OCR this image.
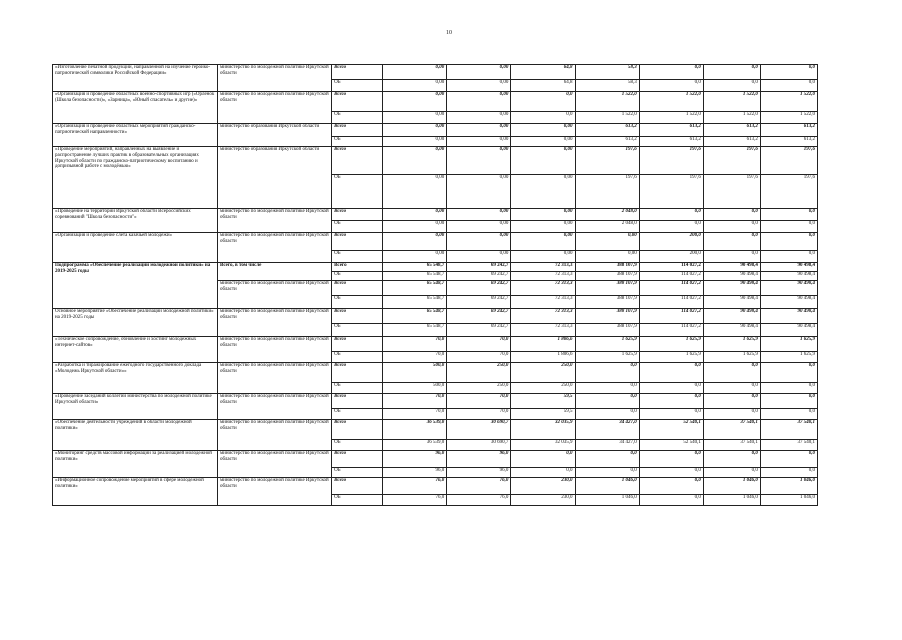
10
«Изготовление печатной продукции, направленной на изучение героико-патриотической символики Российской Федерации»	министерство по молодежной политике Иркутской области	Всего	0,00	0,00	64,8	58,3	0,0	0,0	0,0
		ОБ	0,00	0,00	64,8	58,3	0,0	0,0	0,0
«Организация и проведение областных военно-спортивных игр («Орленок (Школа безопасности)», «Зарница», «Юный спасатель» и другие)»	министерство по молодежной политике Иркутской области	Всего	0,00	0,00	0,0	1 522,0	1 522,0	1 522,0	1 522,0
		ОБ	0,00	0,00	0,0	1 522,0	1 522,0	1 522,0	1 522,0
«Организация и проведение областных мероприятий гражданско-патриотической направленности»	министерство образования Иркутской области	Всего	0,00	0,00	0,00	613,2	613,2	613,2	613,2
		ОБ	0,00	0,00	0,00	613,2	613,2	613,2	613,2
«Проведение мероприятий, направленных на выявление и распространение лучших практик в образовательных организациях Иркутской области по гражданско-патриотическому воспитанию и допризывной работе с молодёжью»	министерство образования Иркутской области	Всего	0,00	0,00	0,00	197,6	197,6	197,6	197,6
		ОБ	0,00	0,00	0,00	197,6	197,6	197,6	197,6
«Проведение на территории Иркутской области Всероссийских соревнований "Школа безопасности"»	министерство по молодежной политике Иркутской области	Всего	0,00	0,00	0,00	2 048,0	0,0	0,0	0,0
		ОБ	0,00	0,00	0,00	2 048,0	0,0	0,0	0,0
«Организация и проведение слета казачьей молодежи»	министерство по молодежной политике Иркутской области	Всего	0,00	0,00	0,00	0,00	200,0	0,0	0,0
		ОБ	0,00	0,00	0,00	0,00	200,0	0,0	0,0
Подпрограмма «Обеспечение реализации молодежной политики» на 2019-2025 годы	Всего, в том числе	Всего	65 548,7	69 242,7	72 313,3	388 107,9	114 027,2	90 498,4	90 498,4
		ОБ	65 548,7	69 242,7	72 313,3	388 107,9	114 027,2	90 498,4	90 498,4
	министерство по молодежной политике Иркутской области	Всего	65 548,7	69 242,7	72 313,3	388 107,9	114 027,2	90 498,4	90 498,4
		ОБ	65 548,7	69 242,7	72 313,3	388 107,9	114 027,2	90 498,4	90 498,4
Основное мероприятие «Обеспечение реализации молодежной политики» на 2019-2025 годы	министерство по молодежной политике Иркутской области	Всего	65 548,7	69 242,7	72 313,3	388 107,9	114 027,2	90 498,4	90 498,4
		ОБ	65 548,7	69 242,7	72 313,3	388 107,9	114 027,2	90 498,4	90 498,4
«Техническое сопровождение, обновление и хостинг молодежных интернет-сайтов»	министерство по молодежной политике Иркутской области	Всего	70,0	70,0	1 806,6	1 625,9	1 625,9	1 625,9	1 625,9
		ОБ	70,0	70,0	1 806,6	1 625,9	1 625,9	1 625,9	1 625,9
«Разработка и тиражирование ежегодного государственного доклада «Молодежь Иркутской области»»	министерство по молодежной политике Иркутской области	Всего	500,0	250,0	250,0	0,0	0,0	0,0	0,0
		ОБ	500,0	250,0	250,0	0,0	0,0	0,0	0,0
«Проведение заседаний коллегии министерства по молодежной политике Иркутской области»	министерство по молодежной политике Иркутской области	Всего	70,0	70,0	59,5	0,0	0,0	0,0	0,0
		ОБ	70,0	70,0	59,5	0,0	0,0	0,0	0,0
«Обеспечение деятельности учреждений в области молодежной политики»	министерство по молодежной политике Иркутской области	Всего	36 539,0	30 690,7	32 035,9	34 427,0	52 540,1	37 540,1	37 540,1
		ОБ	36 539,0	30 690,7	32 035,9	34 427,0	52 540,1	37 540,1	37 540,1
«Мониторинг средств массовой информации за реализацией молодежной политики»	министерство по молодежной политике Иркутской области	Всего	96,0	96,0	0,0	0,0	0,0	0,0	0,0
		ОБ	96,0	96,0	0,0	0,0	0,0	0,0	0,0
«Информационное сопровождение мероприятий в сфере молодежной политики»	министерство по молодежной политике Иркутской области	Всего	76,0	76,0	230,0	1 046,0	0,0	1 046,0	1 046,0
		ОБ	76,0	76,0	230,0	1 046,0	0,0	1 046,0	1 046,0
